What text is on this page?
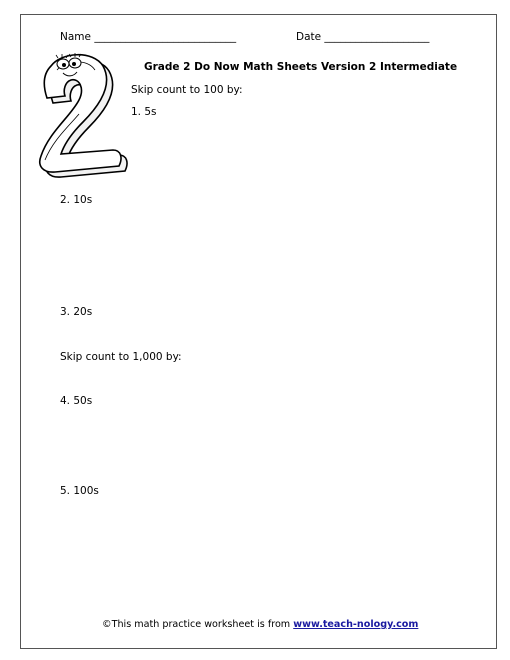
Name ___________________________	Date ____________________
Grade 2 Do Now Math Sheets Version 2 Intermediate
Skip count to 100 by:
1. 5s
2. 10s
3. 20s
Skip count to 1,000 by:
4. 50s
5. 100s
©This math practice worksheet is from www.teach-nology.com
